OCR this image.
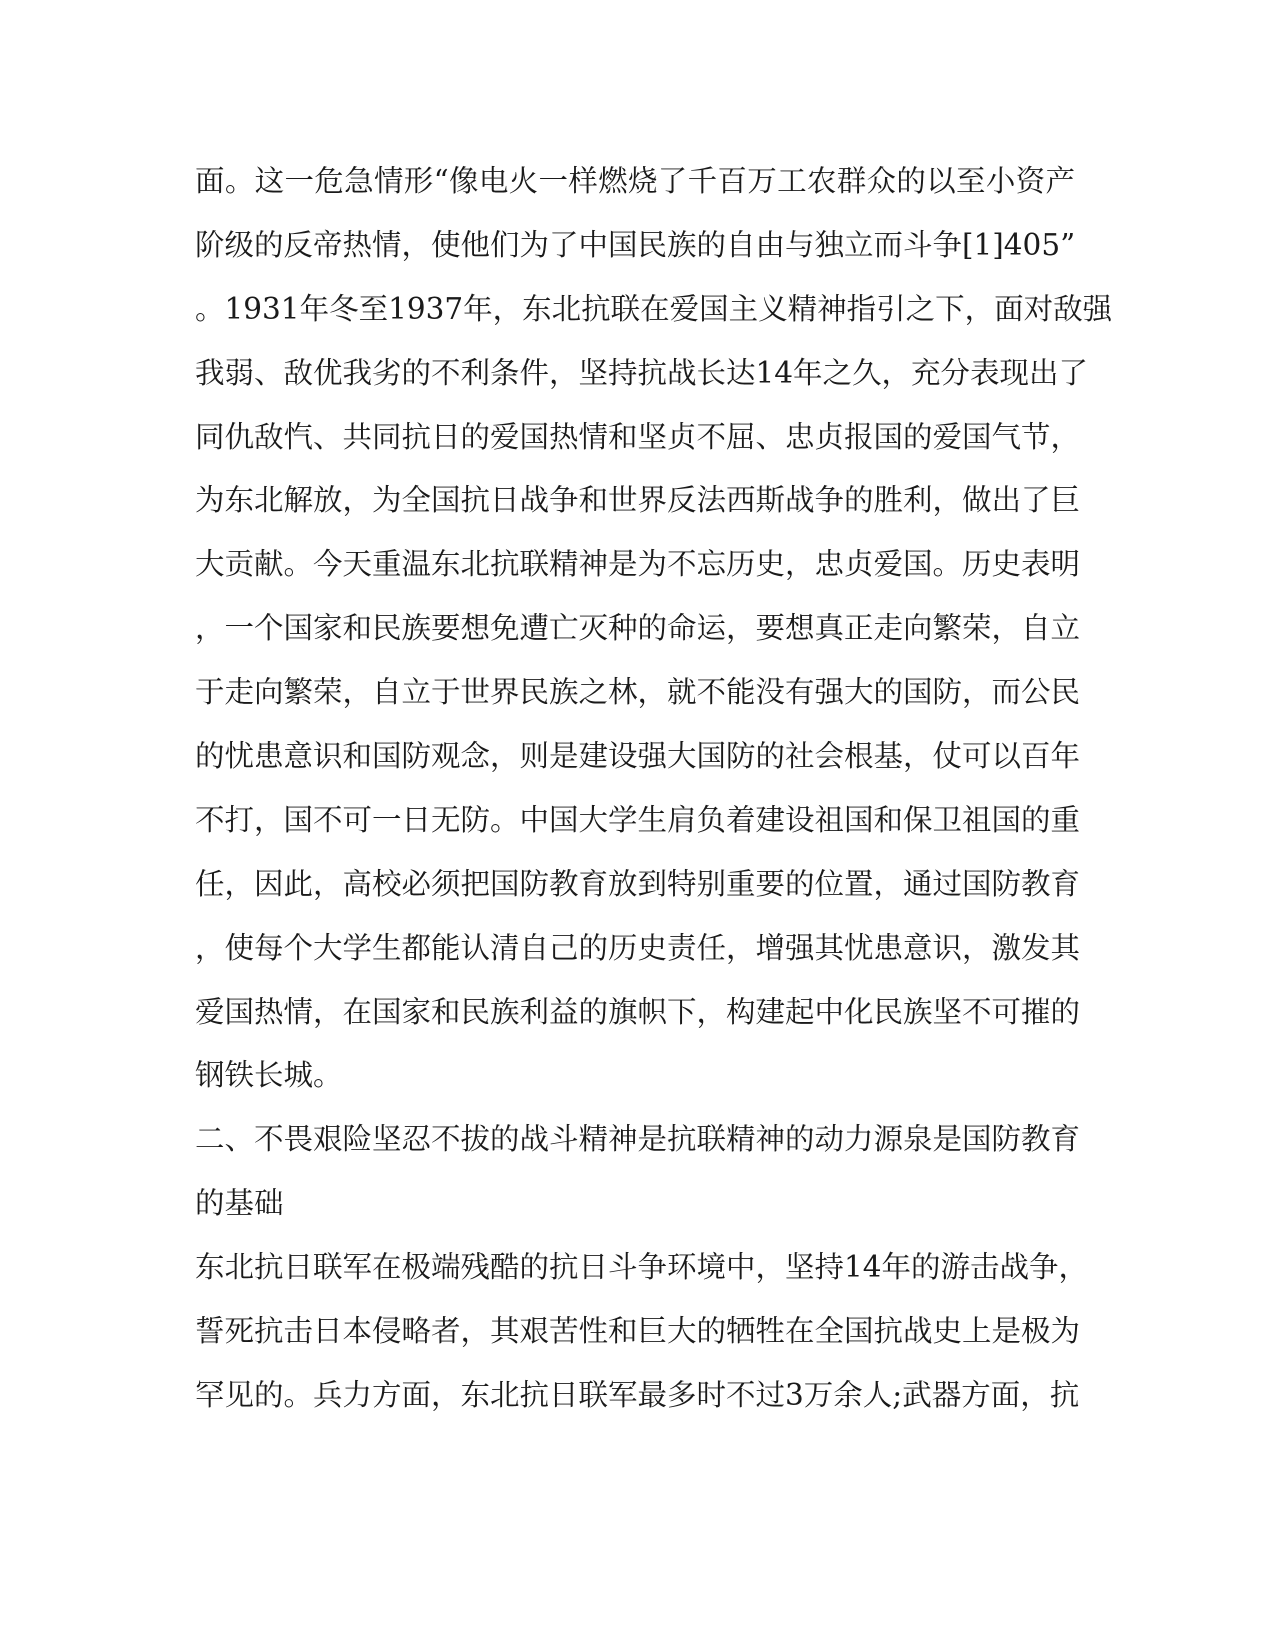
面。这一危急情形“像电火一样燃烧了千百万工农群众的以至小资产
阶级的反帝热情，使他们为了中国民族的自由与独立而斗争[1]405”
。1931年冬至1937年，东北抗联在爱国主义精神指引之下，面对敌强
我弱、敌优我劣的不利条件，坚持抗战长达14年之久，充分表现出了
同仇敌忾、共同抗日的爱国热情和坚贞不屈、忠贞报国的爱国气节，
为东北解放，为全国抗日战争和世界反法西斯战争的胜利，做出了巨
大贡献。今天重温东北抗联精神是为不忘历史，忠贞爱国。历史表明
，一个国家和民族要想免遭亡灭种的命运，要想真正走向繁荣，自立
于走向繁荣，自立于世界民族之林，就不能没有强大的国防，而公民
的忧患意识和国防观念，则是建设强大国防的社会根基，仗可以百年
不打，国不可一日无防。中国大学生肩负着建设祖国和保卫祖国的重
任，因此，高校必须把国防教育放到特别重要的位置，通过国防教育
，使每个大学生都能认清自己的历史责任，增强其忧患意识，激发其
爱国热情，在国家和民族利益的旗帜下，构建起中化民族坚不可摧的
钢铁长城。
二、不畏艰险坚忍不拔的战斗精神是抗联精神的动力源泉是国防教育
的基础
东北抗日联军在极端残酷的抗日斗争环境中，坚持14年的游击战争，
誓死抗击日本侵略者，其艰苦性和巨大的牺牲在全国抗战史上是极为
罕见的。兵力方面，东北抗日联军最多时不过3万余人;武器方面，抗
